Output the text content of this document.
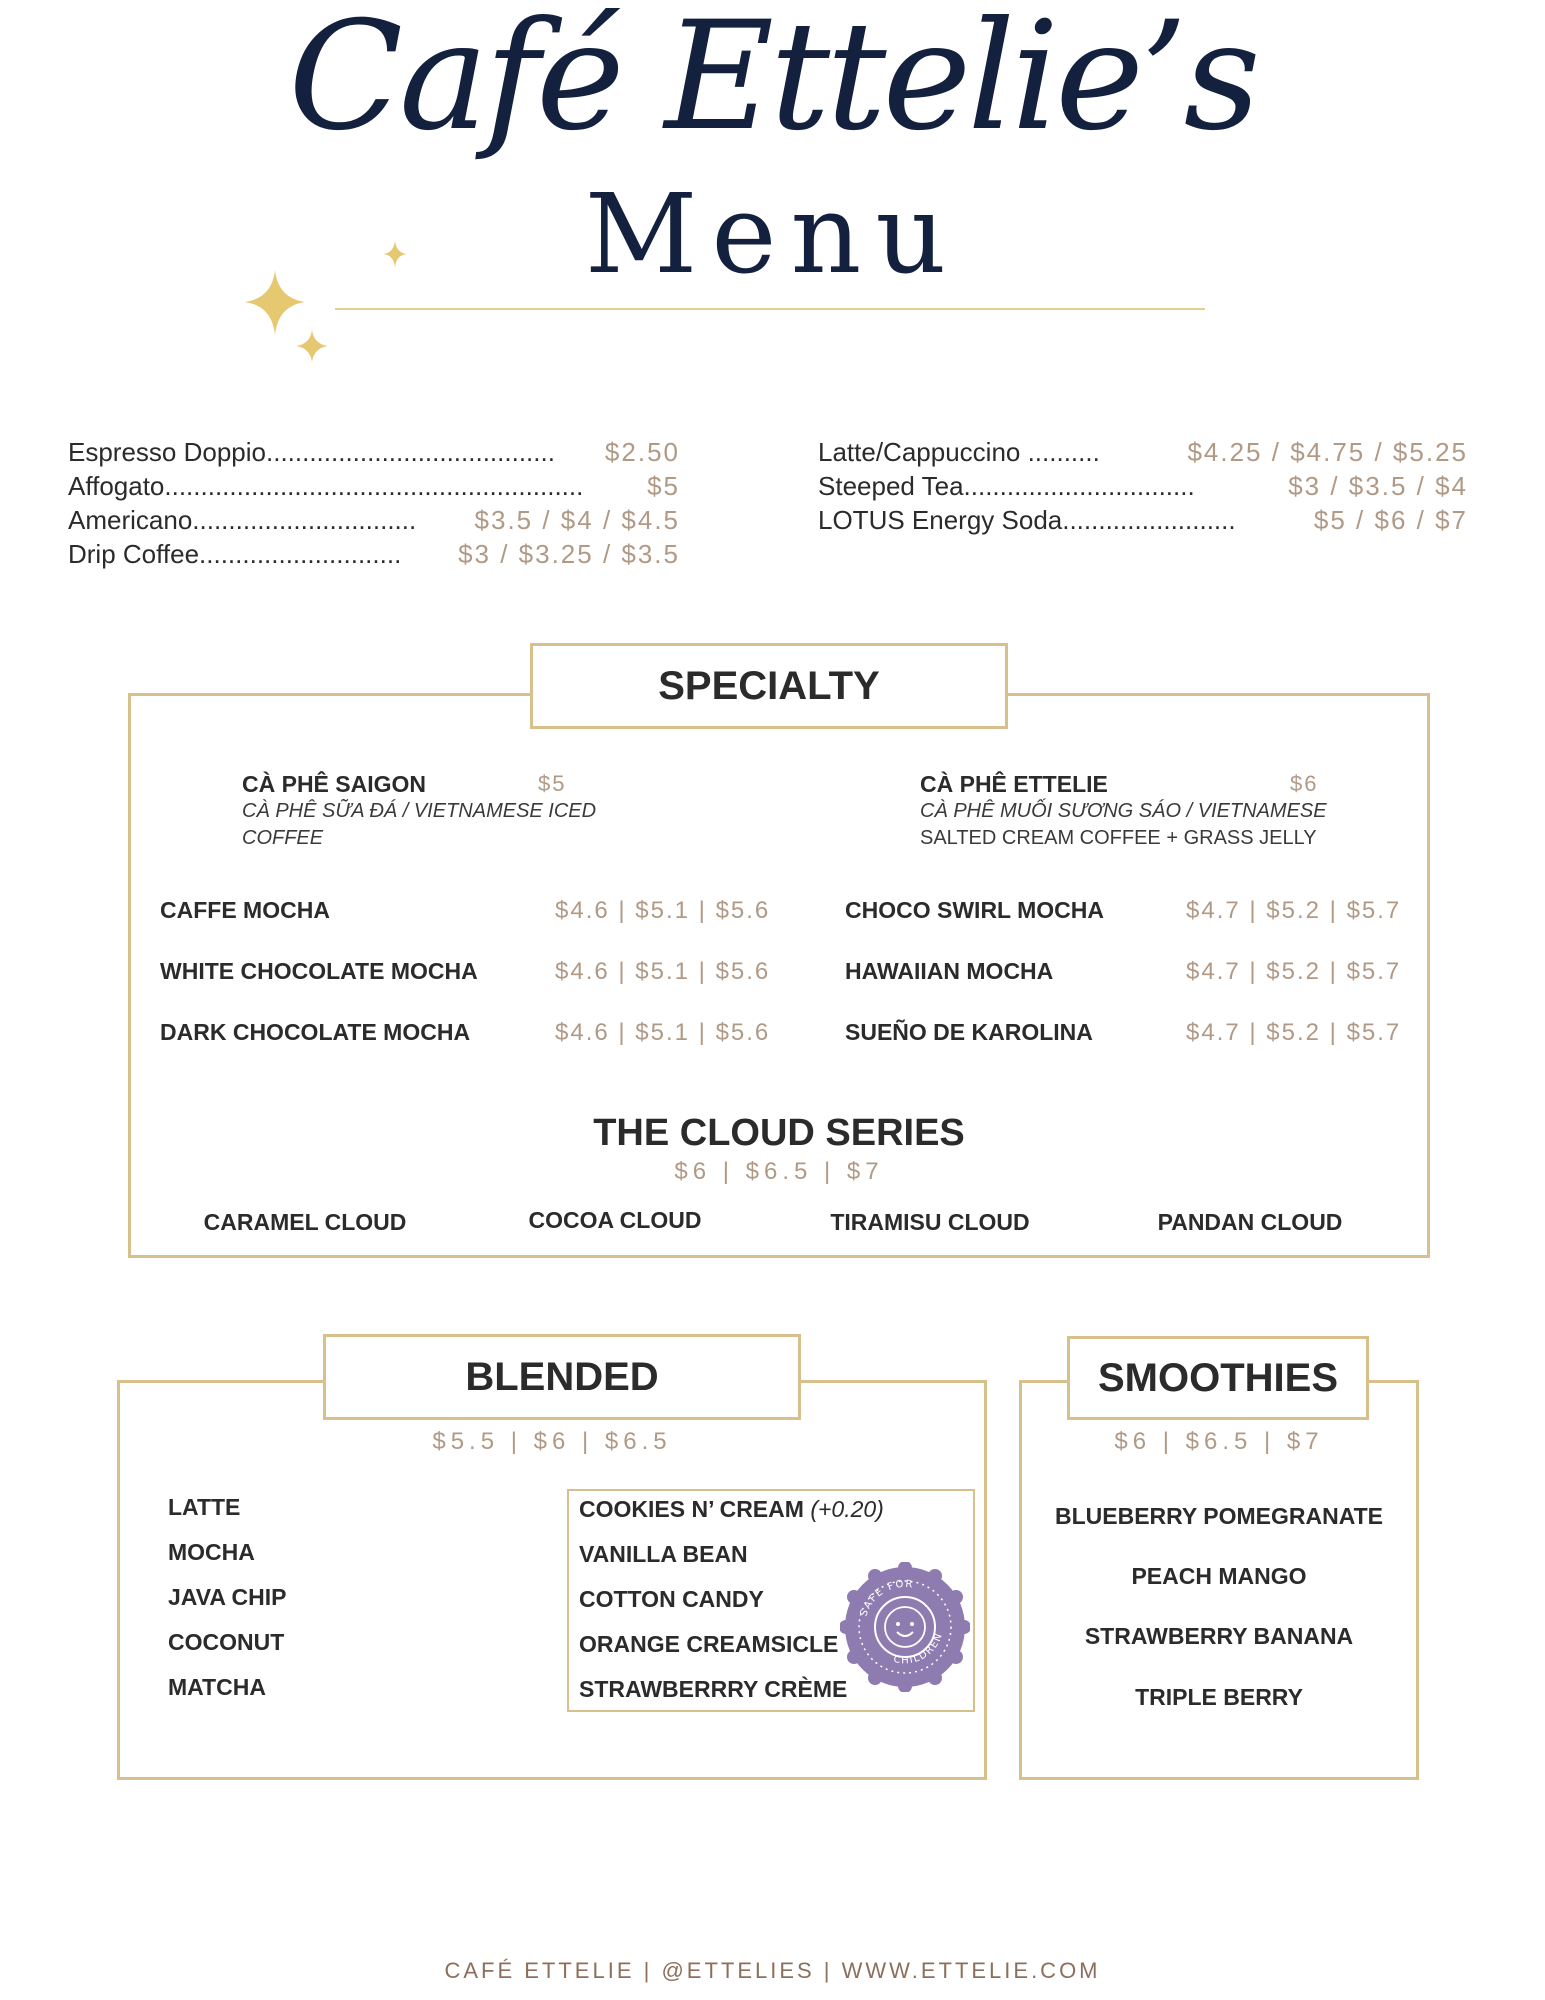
Café Ettelie’s
Menu
Espresso Doppio........................................	$2.50
Affogato..........................................................	$5
Americano...............................	$3.5 / $4 / $4.5
Drip Coffee............................	$3 / $3.25 / $3.5
Latte/Cappuccino ..........	$4.25 / $4.75 / $5.25
Steeped Tea................................	$3 / $3.5 / $4
LOTUS Energy Soda........................	$5 / $6 / $7
SPECIALTY
CÀ PHÊ SAIGON	$5
CÀ PHÊ SỮA ĐÁ / VIETNAMESE ICED
COFFEE
CÀ PHÊ ETTELIE	$6
CÀ PHÊ MUỐI SƯƠNG SÁO / VIETNAMESE
SALTED CREAM COFFEE + GRASS JELLY
CAFFE MOCHA	$4.6 | $5.1 | $5.6
WHITE CHOCOLATE MOCHA	$4.6 | $5.1 | $5.6
DARK CHOCOLATE MOCHA	$4.6 | $5.1 | $5.6
CHOCO SWIRL MOCHA	$4.7 | $5.2 | $5.7
HAWAIIAN MOCHA	$4.7 | $5.2 | $5.7
SUEÑO DE KAROLINA	$4.7 | $5.2 | $5.7
THE CLOUD SERIES
$6 | $6.5 | $7
CARAMEL CLOUD	COCOA CLOUD	TIRAMISU CLOUD	PANDAN CLOUD
BLENDED
$5.5 | $6 | $6.5
LATTE
MOCHA
JAVA CHIP
COCONUT
MATCHA
COOKIES N’ CREAM (+0.20)
VANILLA BEAN
COTTON CANDY
ORANGE CREAMSICLE
STRAWBERRRY CRÈME
SAFE FOR
CHILDREN
SMOOTHIES
$6 | $6.5 | $7
BLUEBERRY POMEGRANATE
PEACH MANGO
STRAWBERRY BANANA
TRIPLE BERRY
CAFÉ ETTELIE | @ETTELIES | WWW.ETTELIE.COM
